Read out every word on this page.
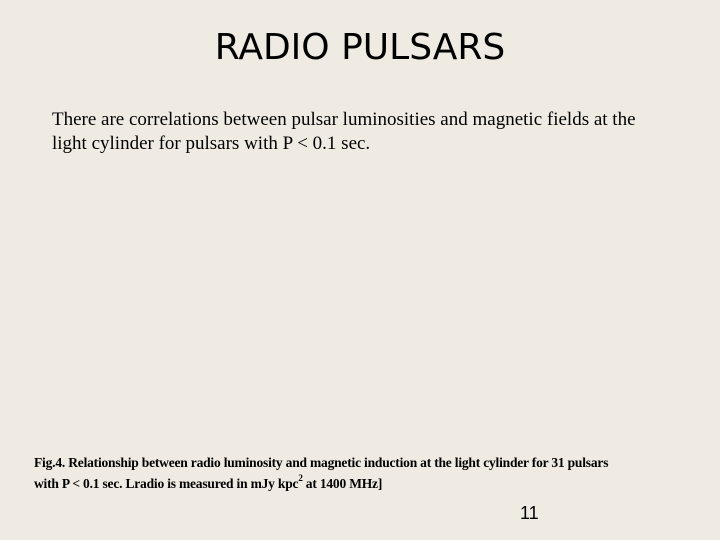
RADIO PULSARS
There are correlations between pulsar luminosities and magnetic fields at the light cylinder for pulsars with P < 0.1 sec.
Fig.4. Relationship between radio luminosity and magnetic induction at the light cylinder for 31 pulsars
with P < 0.1 sec. Lradio is measured in mJy kpc$^2$ at 1400 MHz]
11
